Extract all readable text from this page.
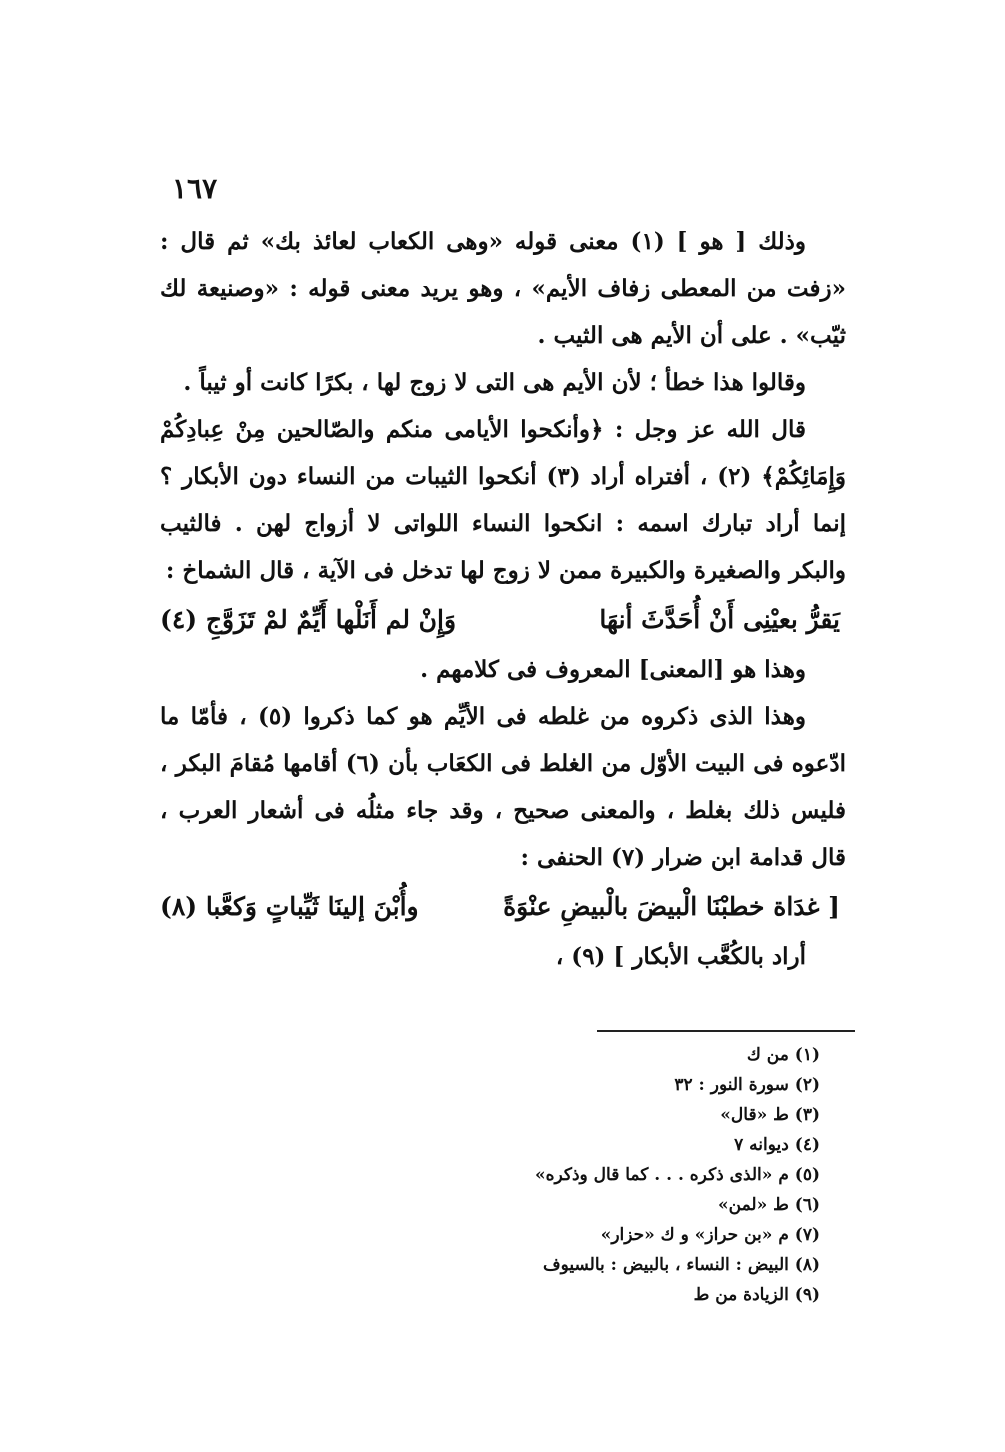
١٦٧

وذلك [ هو ] (١) معنى قوله «وهى الكعاب لعائذ بك» ثم قال : «زفت من المعطى زفاف الأيم» ، وهو يريد معنى قوله : «وصنيعة لك ثيّب» . على أن الأيم هى الثيب .

وقالوا هذا خطأ ؛ لأن الأيم هى التى لا زوج لها ، بكرًا كانت أو ثيباً .

قال الله عز وجل : ﴿وأنكحوا الأيامى منكم والصّالحين مِنْ عِبادِكُمْ وَإِمَائِكُمْ﴾ (٢) ، أفتراه أراد (٣) أنكحوا الثيبات من النساء دون الأبكار ؟ إنما أراد تبارك اسمه : انكحوا النساء اللواتى لا أزواج لهن . فالثيب والبكر والصغيرة والكبيرة ممن لا زوج لها تدخل فى الآية ، قال الشماخ :

يَقرُّ بعيْنِى أَنْ أُحَدَّثَ أنهَا
وَإِنْ لم أَنَلْها أَيِّمٌ لمْ تَزَوَّجِ (٤)

وهذا هو [المعنى] المعروف فى كلامهم .

وهذا الذى ذكروه من غلطه فى الأيِّم هو كما ذكروا (٥) ، فأمّا ما ادّعوه فى البيت الأوّل من الغلط فى الكعَاب بأن (٦) أقامها مُقامَ البكر ، فليس ذلك بغلط ، والمعنى صحيح ، وقد جاء مثلُه فى أشعار العرب ، قال قدامة ابن ضرار (٧) الحنفى :

[ غدَاة خطبْنَا الْبيضَ بالْبيضِ عنْوَةً
وأُبْنَ إلينَا ثَيِّباتٍ وَكعَّبا (٨)

أراد بالكُعَّب الأبكار ] (٩) ،

(١) من ك

(٢) سورة النور : ٣٢

(٣) ط «قال»

(٤) ديوانه ٧

(٥) م «الذى ذكره . . . كما قال وذكره»

(٦) ط «لمن»

(٧) م «بن حراز» و ك «حزار»

(٨) البيض : النساء ، بالبيض : بالسيوف

(٩) الزيادة من ط
